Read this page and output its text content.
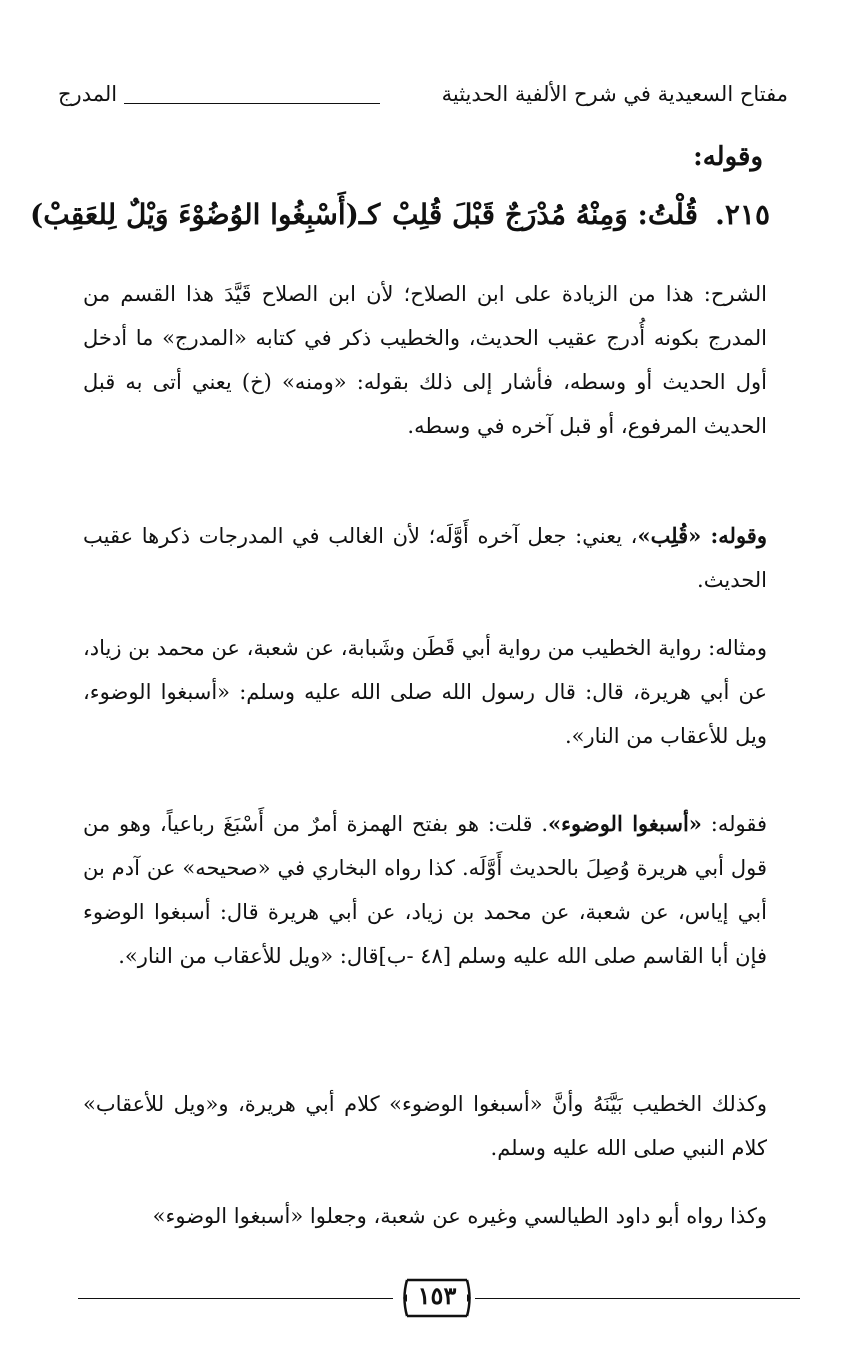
مفتاح السعيدية في شرح الألفية الحديثية
المدرج
وقوله:
٢١٥.
قُلْتُ: وَمِنْهُ مُدْرَجٌ قَبْلَ قُلِبْ
كـ(أَسْبِغُوا الوُضُوْءَ وَيْلٌ لِلعَقِبْ)

الشرح: هذا من الزيادة على ابن الصلاح؛ لأن ابن الصلاح قَيَّدَ هذا القسم من المدرج بكونه أُدرج عقيب الحديث، والخطيب ذكر في كتابه «المدرج» ما أدخل أول الحديث أو وسطه، فأشار إلى ذلك بقوله: «ومنه» (خ) يعني أتى به قبل الحديث المرفوع، أو قبل آخره في وسطه.

وقوله: «قُلِب»، يعني: جعل آخره أَوَّلَه؛ لأن الغالب في المدرجات ذكرها عقيب الحديث.

ومثاله: رواية الخطيب من رواية أبي قَطَن وشَبابة، عن شعبة، عن محمد بن زياد، عن أبي هريرة، قال: قال رسول الله صلى الله عليه وسلم: «أسبغوا الوضوء، ويل للأعقاب من النار».

فقوله: «أسبغوا الوضوء». قلت: هو بفتح الهمزة أمرٌ من أَسْبَغَ رباعياً، وهو من قول أبي هريرة وُصِلَ بالحديث أَوَّلَه. كذا رواه البخاري في «صحيحه» عن آدم بن أبي إياس، عن شعبة، عن محمد بن زياد، عن أبي هريرة قال: أسبغوا الوضوء فإن أبا القاسم صلى الله عليه وسلم [٤٨ -ب]قال: «ويل للأعقاب من النار».

وكذلك الخطيب بَيَّنَهُ وأنَّ «أسبغوا الوضوء» كلام أبي هريرة، و«ويل للأعقاب» كلام النبي صلى الله عليه وسلم.

وكذا رواه أبو داود الطيالسي وغيره عن شعبة، وجعلوا «أسبغوا الوضوء»

١٥٣
